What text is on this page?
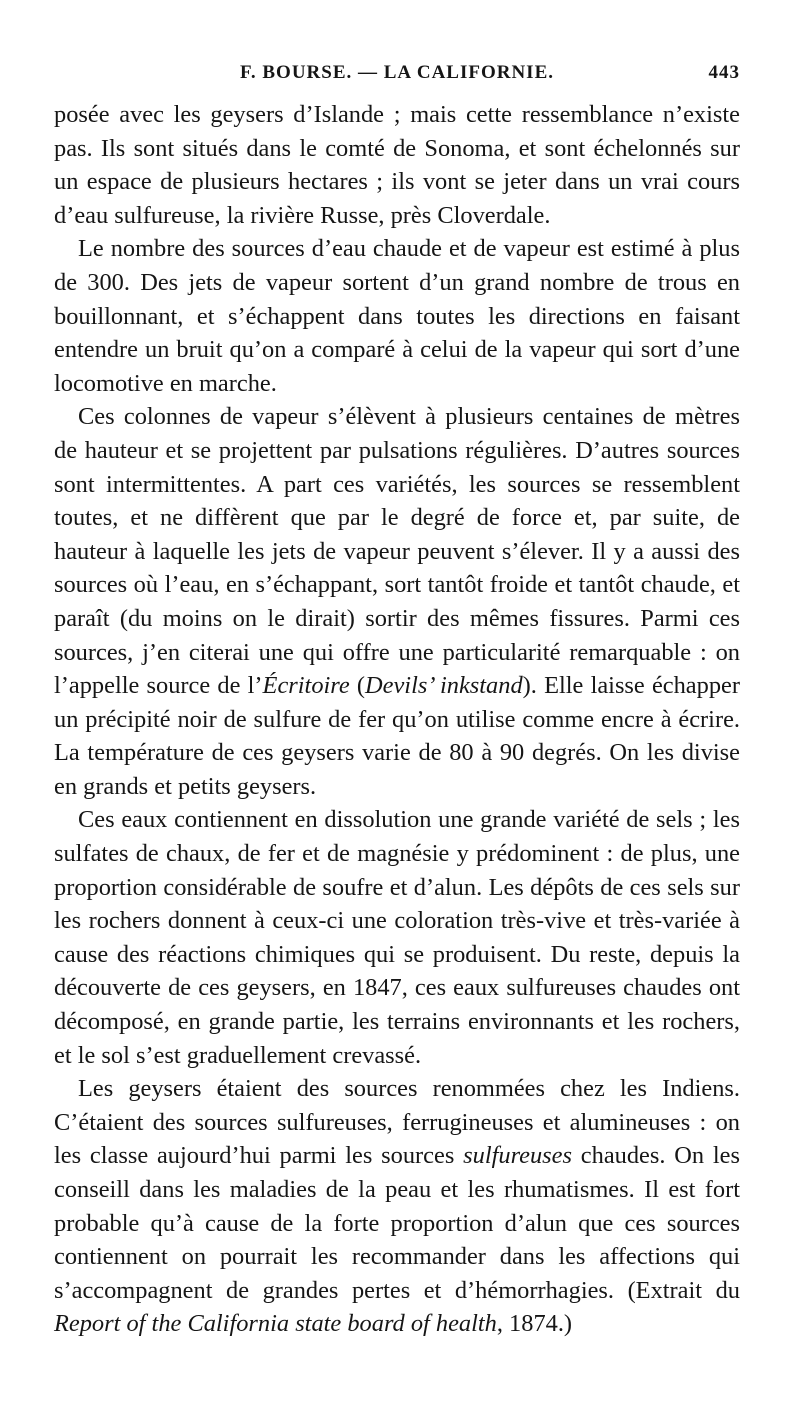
F. BOURSE. — LA CALIFORNIE.	443

posée avec les geysers d’Islande ; mais cette ressemblance n’existe pas. Ils sont situés dans le comté de Sonoma, et sont échelonnés sur un espace de plusieurs hectares ; ils vont se jeter dans un vrai cours d’eau sulfureuse, la rivière Russe, près Cloverdale.

Le nombre des sources d’eau chaude et de vapeur est estimé à plus de 300. Des jets de vapeur sortent d’un grand nombre de trous en bouillonnant, et s’échappent dans toutes les directions en faisant entendre un bruit qu’on a comparé à celui de la vapeur qui sort d’une locomotive en marche.

Ces colonnes de vapeur s’élèvent à plusieurs centaines de mètres de hauteur et se projettent par pulsations régulières. D’autres sources sont intermittentes. A part ces variétés, les sources se ressemblent toutes, et ne diffèrent que par le degré de force et, par suite, de hauteur à laquelle les jets de vapeur peuvent s’élever. Il y a aussi des sources où l’eau, en s’échappant, sort tantôt froide et tantôt chaude, et paraît (du moins on le dirait) sortir des mêmes fissures. Parmi ces sources, j’en citerai une qui offre une particularité remarquable : on l’appelle source de l’Écritoire (Devils’ inkstand). Elle laisse échapper un précipité noir de sulfure de fer qu’on utilise comme encre à écrire. La température de ces geysers varie de 80 à 90 degrés. On les divise en grands et petits geysers.

Ces eaux contiennent en dissolution une grande variété de sels ; les sulfates de chaux, de fer et de magnésie y prédominent : de plus, une proportion considérable de soufre et d’alun. Les dépôts de ces sels sur les rochers donnent à ceux-ci une coloration très-vive et très-variée à cause des réactions chimiques qui se produisent. Du reste, depuis la découverte de ces geysers, en 1847, ces eaux sulfureuses chaudes ont décomposé, en grande partie, les terrains environnants et les rochers, et le sol s’est graduellement crevassé.

Les geysers étaient des sources renommées chez les Indiens. C’étaient des sources sulfureuses, ferrugineuses et alumineuses : on les classe aujourd’hui parmi les sources sulfureuses chaudes. On les conseill dans les maladies de la peau et les rhumatismes. Il est fort probable qu’à cause de la forte proportion d’alun que ces sources contiennent on pourrait les recommander dans les affections qui s’accompagnent de grandes pertes et d’hémorrhagies. (Extrait du Report of the California state board of health, 1874.)
